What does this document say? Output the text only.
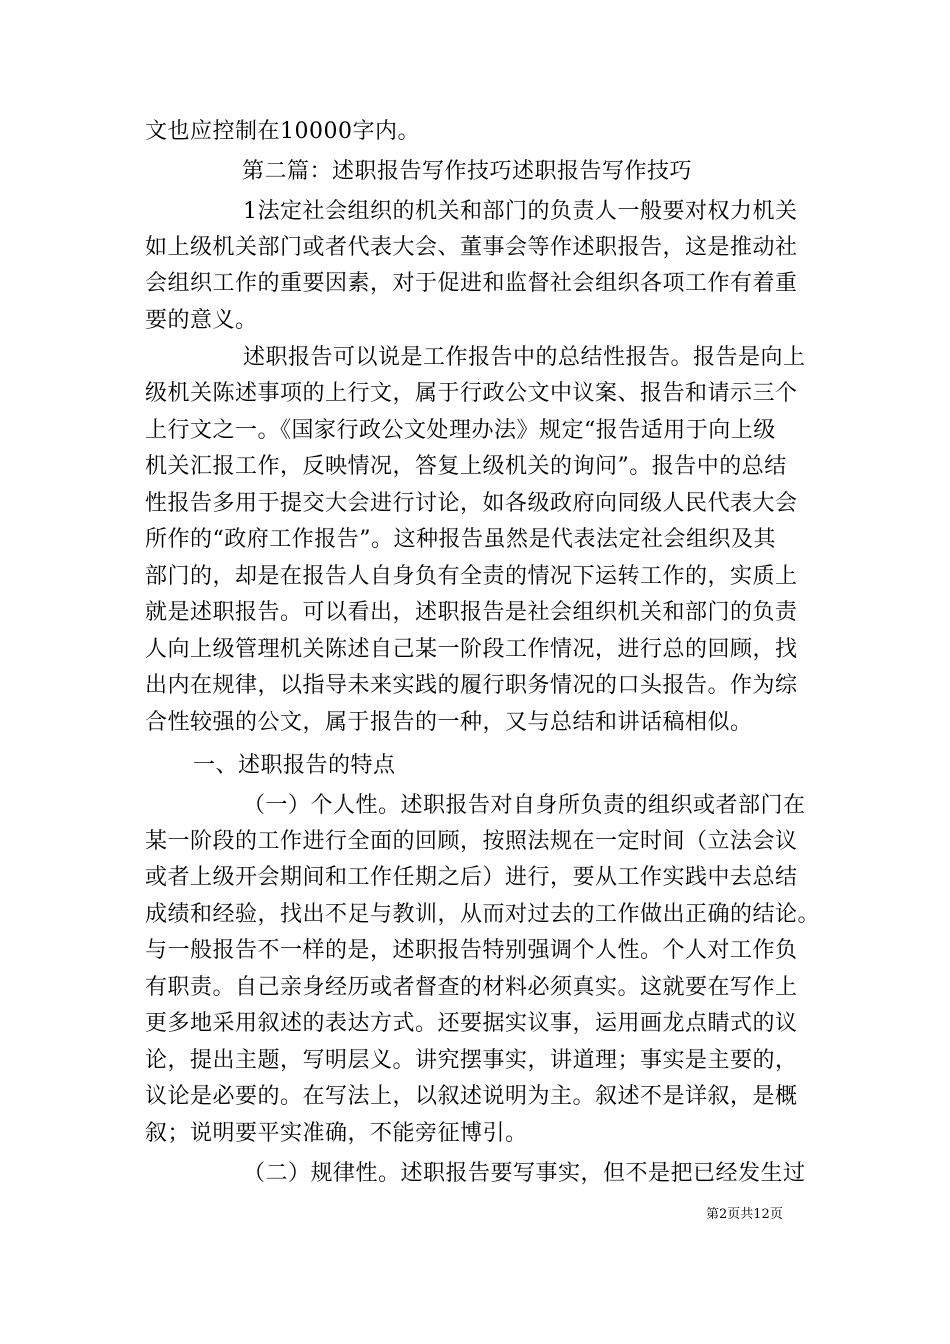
文也应控制在10000字内。
第二篇：述职报告写作技巧述职报告写作技巧
1法定社会组织的机关和部门的负责人一般要对权力机关
如上级机关部门或者代表大会、董事会等作述职报告，这是推动社
会组织工作的重要因素，对于促进和监督社会组织各项工作有着重
要的意义。
述职报告可以说是工作报告中的总结性报告。报告是向上
级机关陈述事项的上行文，属于行政公文中议案、报告和请示三个
上行文之一。《国家行政公文处理办法》规定“报告适用于向上级
机关汇报工作，反映情况，答复上级机关的询问”。报告中的总结
性报告多用于提交大会进行讨论，如各级政府向同级人民代表大会
所作的“政府工作报告”。这种报告虽然是代表法定社会组织及其
部门的，却是在报告人自身负有全责的情况下运转工作的，实质上
就是述职报告。可以看出，述职报告是社会组织机关和部门的负责
人向上级管理机关陈述自己某一阶段工作情况，进行总的回顾，找
出内在规律，以指导未来实践的履行职务情况的口头报告。作为综
合性较强的公文，属于报告的一种，又与总结和讲话稿相似。
一、述职报告的特点
（一）个人性。述职报告对自身所负责的组织或者部门在
某一阶段的工作进行全面的回顾，按照法规在一定时间（立法会议
或者上级开会期间和工作任期之后）进行，要从工作实践中去总结
成绩和经验，找出不足与教训，从而对过去的工作做出正确的结论。
与一般报告不一样的是，述职报告特别强调个人性。个人对工作负
有职责。自己亲身经历或者督查的材料必须真实。这就要在写作上
更多地采用叙述的表达方式。还要据实议事，运用画龙点睛式的议
论，提出主题，写明层义。讲究摆事实，讲道理；事实是主要的，
议论是必要的。在写法上，以叙述说明为主。叙述不是详叙，是概
叙；说明要平实准确，不能旁征博引。
（二）规律性。述职报告要写事实，但不是把已经发生过
第2页共12页
